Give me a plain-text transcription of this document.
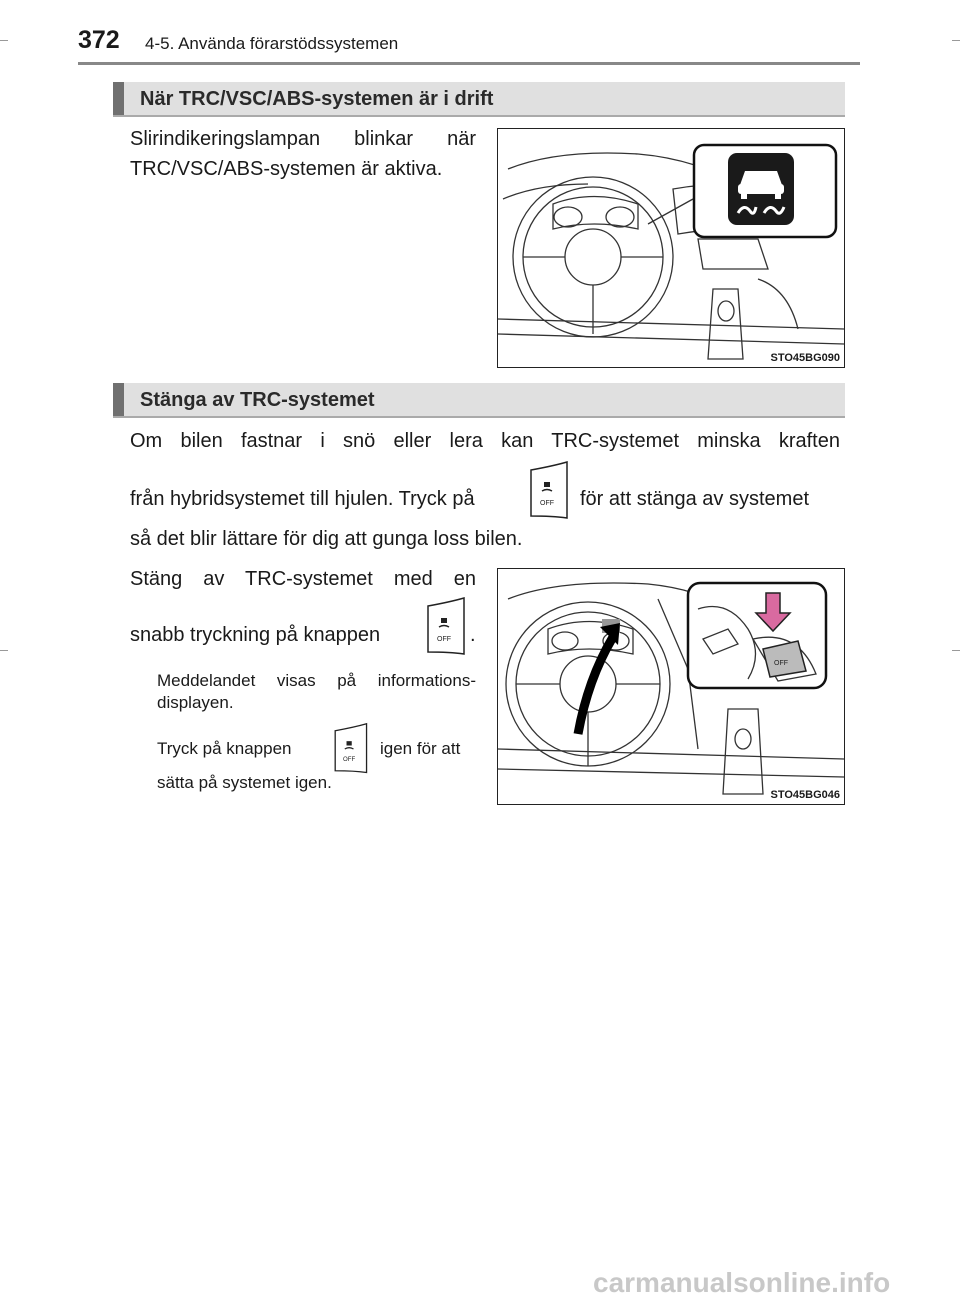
372 4-5. Använda förarstödssystemen
När TRC/VSC/ABS-systemen är i drift
Slirindikeringslampan blinkar när
TRC/VSC/ABS-systemen är aktiva.
STO45BG090
Stänga av TRC-systemet
Om bilen fastnar i snö eller lera kan TRC-systemet minska kraften
från hybridsystemet till hjulen. Tryck på	OFF för att stänga av systemet
så det blir lättare för dig att gunga loss bilen.
Stäng av TRC-systemet med en
snabb tryckning på knappen	OFF .
Meddelandet visas på informations-
displayen.
Tryck på knappen
OFF
igen för att
sätta på systemet igen.
OFF
STO45BG046
carmanualsonline.info
